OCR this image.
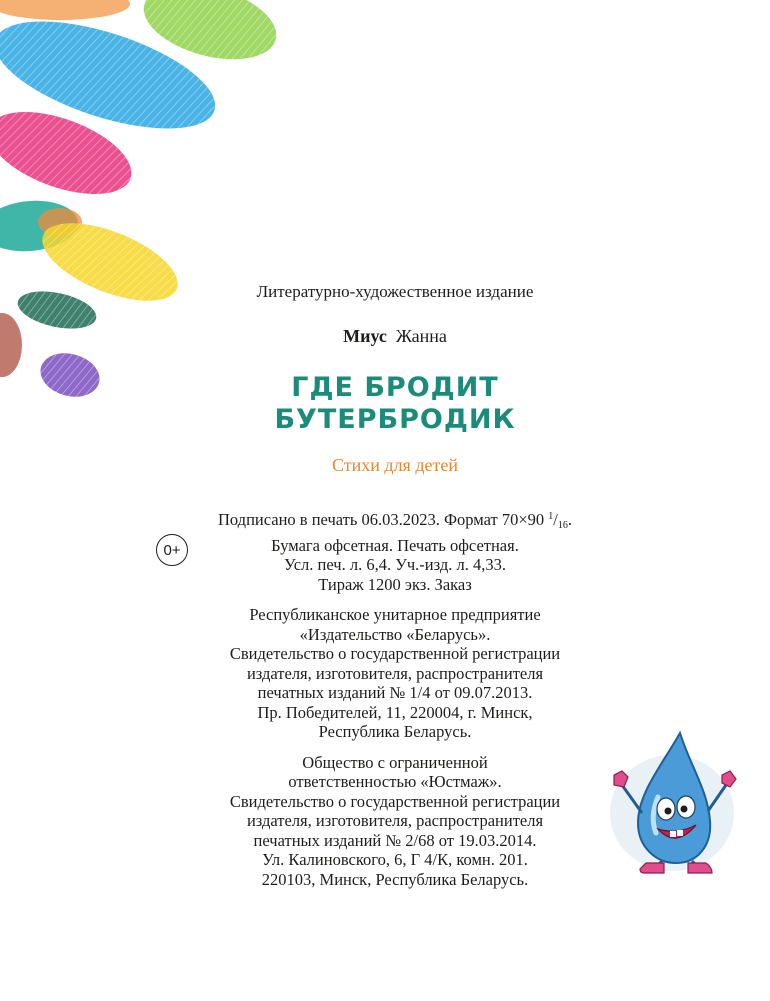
Литературно-художественное издание
Миус Жанна
ГДЕ БРОДИТ
БУТЕРБРОДИК
Стихи для детей
0+

Подписано в печать 06.03.2023. Формат 70×90 $^1/_{16}$.
Бумага офсетная. Печать офсетная.
Усл. печ. л. 6,4. Уч.-изд. л. 4,33.
Тираж 1200 экз. Заказ

Республиканское унитарное предприятие
«Издательство «Беларусь».
Свидетельство о государственной регистрации
издателя, изготовителя, распространителя
печатных изданий № 1/4 от 09.07.2013.
Пр. Победителей, 11, 220004, г. Минск,
Республика Беларусь.

Общество с ограниченной
ответственностью «Юстмаж».
Свидетельство о государственной регистрации
издателя, изготовителя, распространителя
печатных изданий № 2/68 от 19.03.2014.
Ул. Калиновского, 6, Г 4/К, комн. 201.
220103, Минск, Республика Беларусь.
